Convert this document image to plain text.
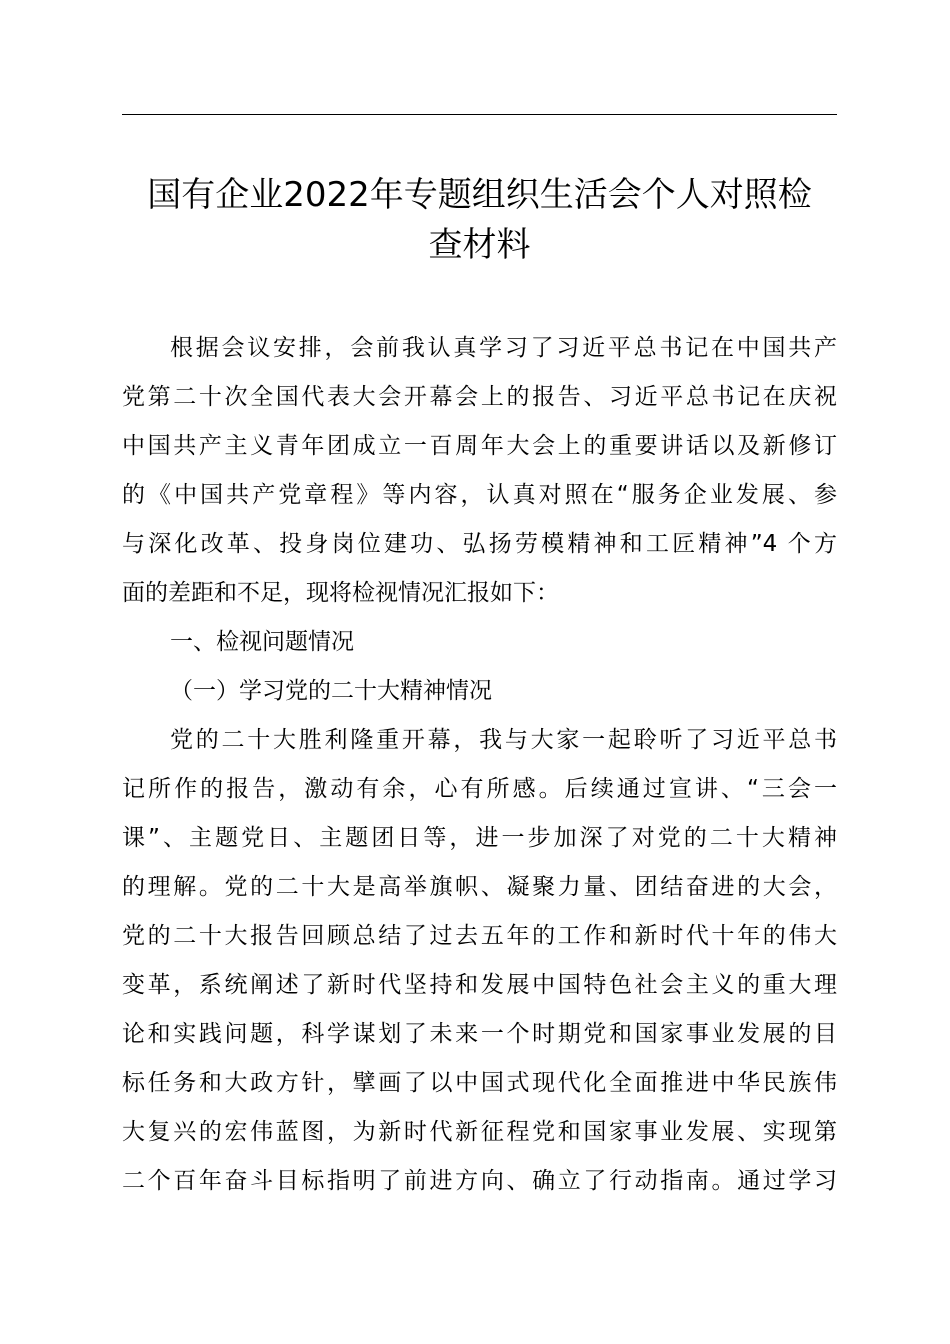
国有企业2022年专题组织生活会个人对照检
查材料
根据会议安排，会前我认真学习了习近平总书记在中国共产
党第二十次全国代表大会开幕会上的报告、习近平总书记在庆祝
中国共产主义青年团成立一百周年大会上的重要讲话以及新修订
的《中国共产党章程》等内容，认真对照在“服务企业发展、参
与深化改革、投身岗位建功、弘扬劳模精神和工匠精神”4 个方
面的差距和不足，现将检视情况汇报如下：
一、检视问题情况
（一）学习党的二十大精神情况
党的二十大胜利隆重开幕，我与大家一起聆听了习近平总书
记所作的报告，激动有余，心有所感。后续通过宣讲、“三会一
课”、主题党日、主题团日等，进一步加深了对党的二十大精神
的理解。党的二十大是高举旗帜、凝聚力量、团结奋进的大会，
党的二十大报告回顾总结了过去五年的工作和新时代十年的伟大
变革，系统阐述了新时代坚持和发展中国特色社会主义的重大理
论和实践问题，科学谋划了未来一个时期党和国家事业发展的目
标任务和大政方针，擘画了以中国式现代化全面推进中华民族伟
大复兴的宏伟蓝图，为新时代新征程党和国家事业发展、实现第
二个百年奋斗目标指明了前进方向、确立了行动指南。通过学习
